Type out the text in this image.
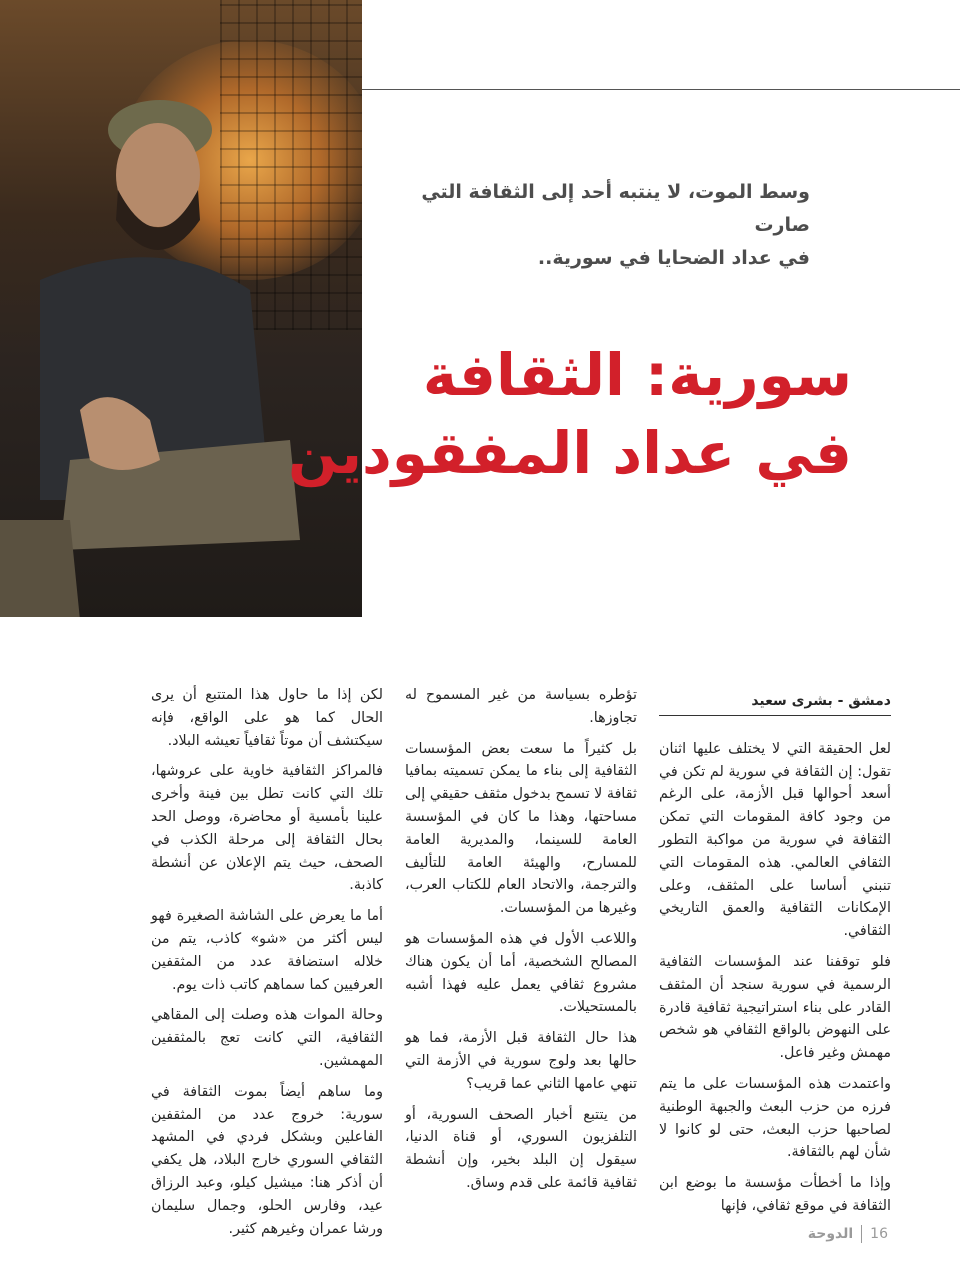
وسط الموت، لا ينتبه أحد إلى الثقافة التي صارت
في عداد الضحايا في سورية..
سورية: الثقافة
في عداد المفقودين
دمشق - بشرى سعيد

لعل الحقيقة التي لا يختلف عليها اثنان تقول: إن الثقافة في سورية لم تكن في أسعد أحوالها قبل الأزمة، على الرغم من وجود كافة المقومات التي تمكن الثقافة في سورية من مواكبة التطور الثقافي العالمي. هذه المقومات التي تنبني أساسا على المثقف، وعلى الإمكانات الثقافية والعمق التاريخي الثقافي.

فلو توقفنا عند المؤسسات الثقافية الرسمية في سورية سنجد أن المثقف القادر على بناء استراتيجية ثقافية قادرة على النهوض بالواقع الثقافي هو شخص مهمش وغير فاعل.

واعتمدت هذه المؤسسات على ما يتم فرزه من حزب البعث والجبهة الوطنية لصاحبها حزب البعث، حتى لو كانوا لا شأن لهم بالثقافة.

وإذا ما أخطأت مؤسسة ما بوضع ابن الثقافة في موقع ثقافي، فإنها

تؤطره بسياسة من غير المسموح له تجاوزها.

بل كثيراً ما سعت بعض المؤسسات الثقافية إلى بناء ما يمكن تسميته بمافيا ثقافة لا تسمح بدخول مثقف حقيقي إلى مساحتها، وهذا ما كان في المؤسسة العامة للسينما، والمديرية العامة للمسارح، والهيئة العامة للتأليف والترجمة، والاتحاد العام للكتاب العرب، وغيرها من المؤسسات.

واللاعب الأول في هذه المؤسسات هو المصالح الشخصية، أما أن يكون هناك مشروع ثقافي يعمل عليه فهذا أشبه بالمستحيلات.

هذا حال الثقافة قبل الأزمة، فما هو حالها بعد ولوج سورية في الأزمة التي تنهي عامها الثاني عما قريب؟

من يتتبع أخبار الصحف السورية، أو التلفزيون السوري، أو قناة الدنيا، سيقول إن البلد بخير، وإن أنشطة ثقافية قائمة على قدم وساق.

لكن إذا ما حاول هذا المتتبع أن يرى الحال كما هو على الواقع، فإنه سيكتشف أن موتاً ثقافياً تعيشه البلاد.

فالمراكز الثقافية خاوية على عروشها، تلك التي كانت تطل بين فينة وأخرى علينا بأمسية أو محاضرة، ووصل الحد بحال الثقافة إلى مرحلة الكذب في الصحف، حيث يتم الإعلان عن أنشطة كاذبة.

أما ما يعرض على الشاشة الصغيرة فهو ليس أكثر من «شو» كاذب، يتم من خلاله استضافة عدد من المثقفين العرفيين كما سماهم كاتب ذات يوم.

وحالة الموات هذه وصلت إلى المقاهي الثقافية، التي كانت تعج بالمثقفين المهمشين.

وما ساهم أيضاً بموت الثقافة في سورية: خروج عدد من المثقفين الفاعلين وبشكل فردي في المشهد الثقافي السوري خارج البلاد، هل يكفي أن أذكر هنا: ميشيل كيلو، وعبد الرزاق عيد، وفارس الحلو، وجمال سليمان ورشا عمران وغيرهم كثير.	16
الدوحة
